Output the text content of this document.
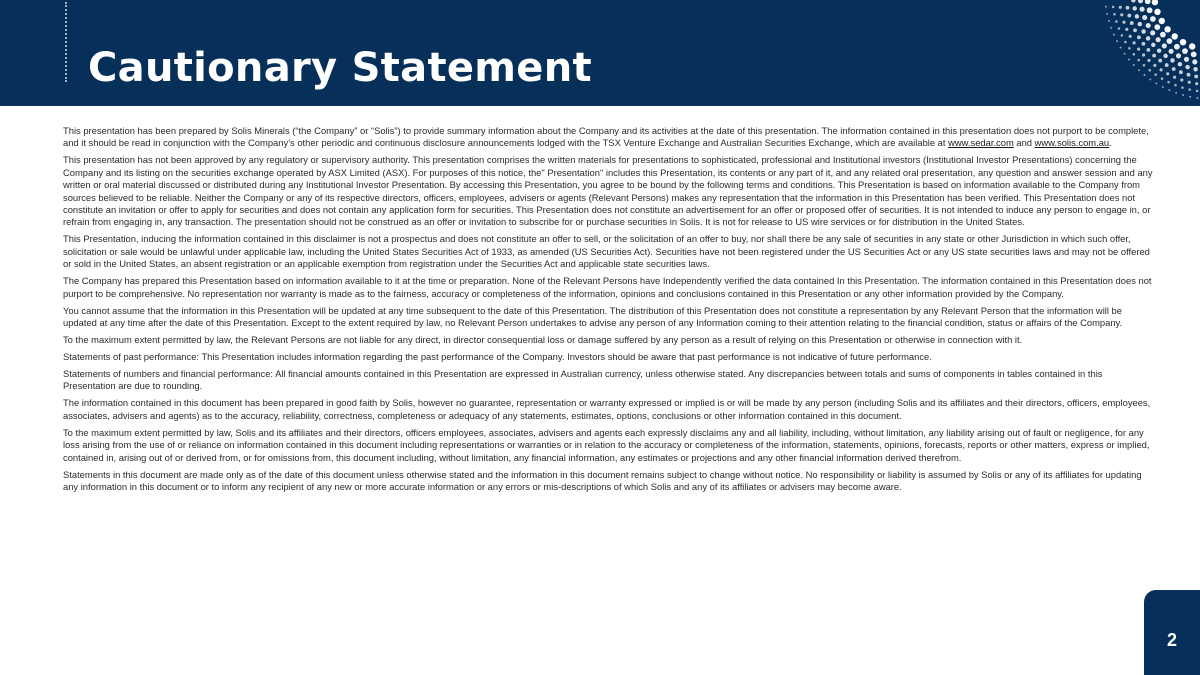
Cautionary Statement

This presentation has been prepared by Solis Minerals (“the Company” or “Solis”) to provide summary information about the Company and its activities at the date of this presentation. The information contained in this presentation does not purport to be complete, and it should be read in conjunction with the Company’s other periodic and continuous disclosure announcements lodged with the TSX Venture Exchange and Australian Securities Exchange, which are available at www.sedar.com and www.solis.com.au.

This presentation has not been approved by any regulatory or supervisory authority. This presentation comprises the written materials for presentations to sophisticated, professional and Institutional investors (Institutional Investor Presentations) concerning the Company and its listing on the securities exchange operated by ASX Limited (ASX). For purposes of this notice, the" Presentation" includes this Presentation, its contents or any part of it, and any related oral presentation, any question and answer session and any written or oral material discussed or distributed during any Institutional Investor Presentation. By accessing this Presentation, you agree to be bound by the following terms and conditions. This Presentation is based on information available to the Company from sources believed to be reliable. Neither the Company or any of its respective directors, officers, employees, advisers or agents (Relevant Persons) makes any representation that the information in this Presentation has been verified. This Presentation does not constitute an invitation or offer to apply for securities and does not contain any application form for securities. This Presentation does not constitute an advertisement for an offer or proposed offer of securities. It is not intended to induce any person to engage in, or refrain from engaging in, any transaction. The presentation should not be construed as an offer or invitation to subscribe for or purchase securities in Solis. It is not for release to US wire services or for distribution in the United States.

This Presentation, inducing the information contained in this disclaimer is not a prospectus and does not constitute an offer to sell, or the solicitation of an offer to buy, nor shall there be any sale of securities in any state or other Jurisdiction in which such offer, solicitation or sale would be unlawful under applicable law, including the United States Securities Act of 1933, as amended (US Securities Act). Securities have not been registered under the US Securities Act or any US state securities laws and may not be offered or sold in the United States, an absent registration or an applicable exemption from registration under the Securities Act and applicable state securities laws.

The Company has prepared this Presentation based on information available to it at the time or preparation. None of the Relevant Persons have Independently verified the data contained In this Presentation. The information contained in this Presentation does not purport to be comprehensive. No representation nor warranty is made as to the fairness, accuracy or completeness of the information, opinions and conclusions contained in this Presentation or any other information provided by the Company.

You cannot assume that the information in this Presentation will be updated at any time subsequent to the date of this Presentation. The distribution of this Presentation does not constitute a representation by any Relevant Person that the information will be updated at any time after the date of this Presentation. Except to the extent required by law, no Relevant Person undertakes to advise any person of any Information coming to their attention relating to the financial condition, status or affairs of the Company.

To the maximum extent permitted by law, the Relevant Persons are not liable for any direct, in director consequential loss or damage suffered by any person as a result of relying on this Presentation or otherwise in connection with it.

Statements of past performance: This Presentation includes information regarding the past performance of the Company. Investors should be aware that past performance is not indicative of future performance.

Statements of numbers and financial performance: All financial amounts contained in this Presentation are expressed in Australian currency, unless otherwise stated. Any discrepancies between totals and sums of components in tables contained in this Presentation are due to rounding.

The information contained in this document has been prepared in good faith by Solis, however no guarantee, representation or warranty expressed or implied is or will be made by any person (including Solis and its affiliates and their directors, officers, employees, associates, advisers and agents) as to the accuracy, reliability, correctness, completeness or adequacy of any statements, estimates, options, conclusions or other information contained in this document.

To the maximum extent permitted by law, Solis and its affiliates and their directors, officers employees, associates, advisers and agents each expressly disclaims any and all liability, including, without limitation, any liability arising out of fault or negligence, for any loss arising from the use of or reliance on information contained in this document including representations or warranties or in relation to the accuracy or completeness of the information, statements, opinions, forecasts, reports or other matters, express or implied, contained in, arising out of or derived from, or for omissions from, this document including, without limitation, any financial information, any estimates or projections and any other financial information derived therefrom.

Statements in this document are made only as of the date of this document unless otherwise stated and the information in this document remains subject to change without notice. No responsibility or liability is assumed by Solis or any of its affiliates for updating any information in this document or to inform any recipient of any new or more accurate information or any errors or mis-descriptions of which Solis and any of its affiliates or advisers may become aware.

2
